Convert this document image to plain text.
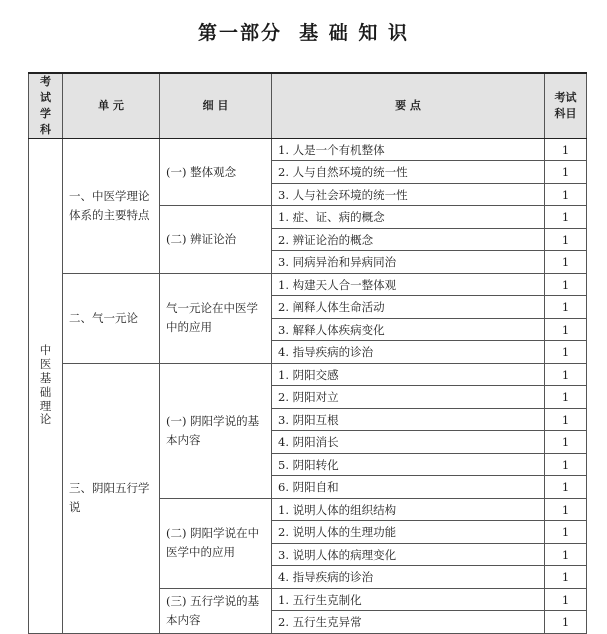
第一部分  基 础 知 识
考试学科	单 元	细 目	要 点	考试科目
中医基础理论	一、中医学理论体系的主要特点	(一) 整体观念	1. 人是一个有机整体	1
			2. 人与自然环境的统一性	1
			3. 人与社会环境的统一性	1
		(二) 辨证论治	1. 症、证、病的概念	1
			2. 辨证论治的概念	1
			3. 同病异治和异病同治	1
	二、气一元论	气一元论在中医学中的应用	1. 构建天人合一整体观	1
			2. 阐释人体生命活动	1
			3. 解释人体疾病变化	1
			4. 指导疾病的诊治	1
	三、阴阳五行学说	(一) 阴阳学说的基本内容	1. 阴阳交感	1
			2. 阴阳对立	1
			3. 阴阳互根	1
			4. 阴阳消长	1
			5. 阴阳转化	1
			6. 阴阳自和	1
		(二) 阴阳学说在中医学中的应用	1. 说明人体的组织结构	1
			2. 说明人体的生理功能	1
			3. 说明人体的病理变化	1
			4. 指导疾病的诊治	1
		(三) 五行学说的基本内容	1. 五行生克制化	1
			2. 五行生克异常	1
